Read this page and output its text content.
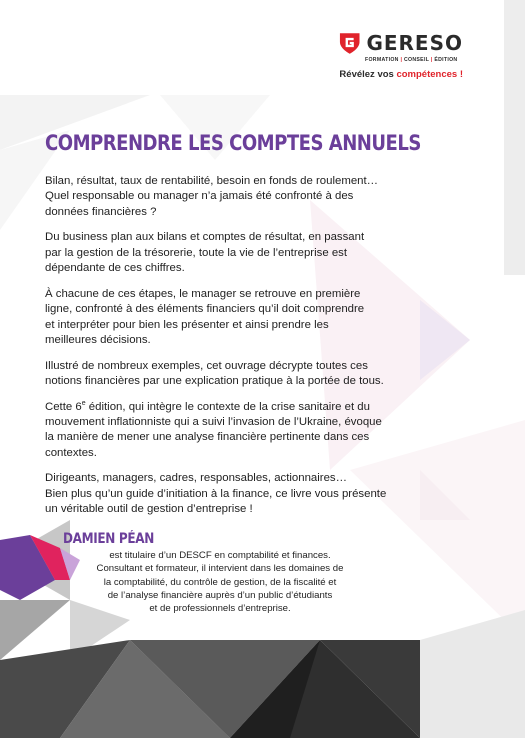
GERESO
FORMATION | CONSEIL | ÉDITION
Révélez vos compétences !
COMPRENDRE LES COMPTES ANNUELS

Bilan, résultat, taux de rentabilité, besoin en fonds de roulement…
Quel responsable ou manager n’a jamais été confronté à des
données financières ?

Du business plan aux bilans et comptes de résultat, en passant
par la gestion de la trésorerie, toute la vie de l’entreprise est
dépendante de ces chiffres.

À chacune de ces étapes, le manager se retrouve en première
ligne, confronté à des éléments financiers qu’il doit comprendre
et interpréter pour bien les présenter et ainsi prendre les
meilleures décisions.

Illustré de nombreux exemples, cet ouvrage décrypte toutes ces
notions financières par une explication pratique à la portée de tous.

Cette 6e édition, qui intègre le contexte de la crise sanitaire et du
mouvement inflationniste qui a suivi l’invasion de l’Ukraine, évoque
la manière de mener une analyse financière pertinente dans ces
contextes.

Dirigeants, managers, cadres, responsables, actionnaires…
Bien plus qu’un guide d’initiation à la finance, ce livre vous présente
un véritable outil de gestion d’entreprise !

DAMIEN PÉAN
est titulaire d’un DESCF en comptabilité et finances.
Consultant et formateur, il intervient dans les domaines de
la comptabilité, du contrôle de gestion, de la fiscalité et
de l’analyse financière auprès d’un public d’étudiants
et de professionnels d’entreprise.
